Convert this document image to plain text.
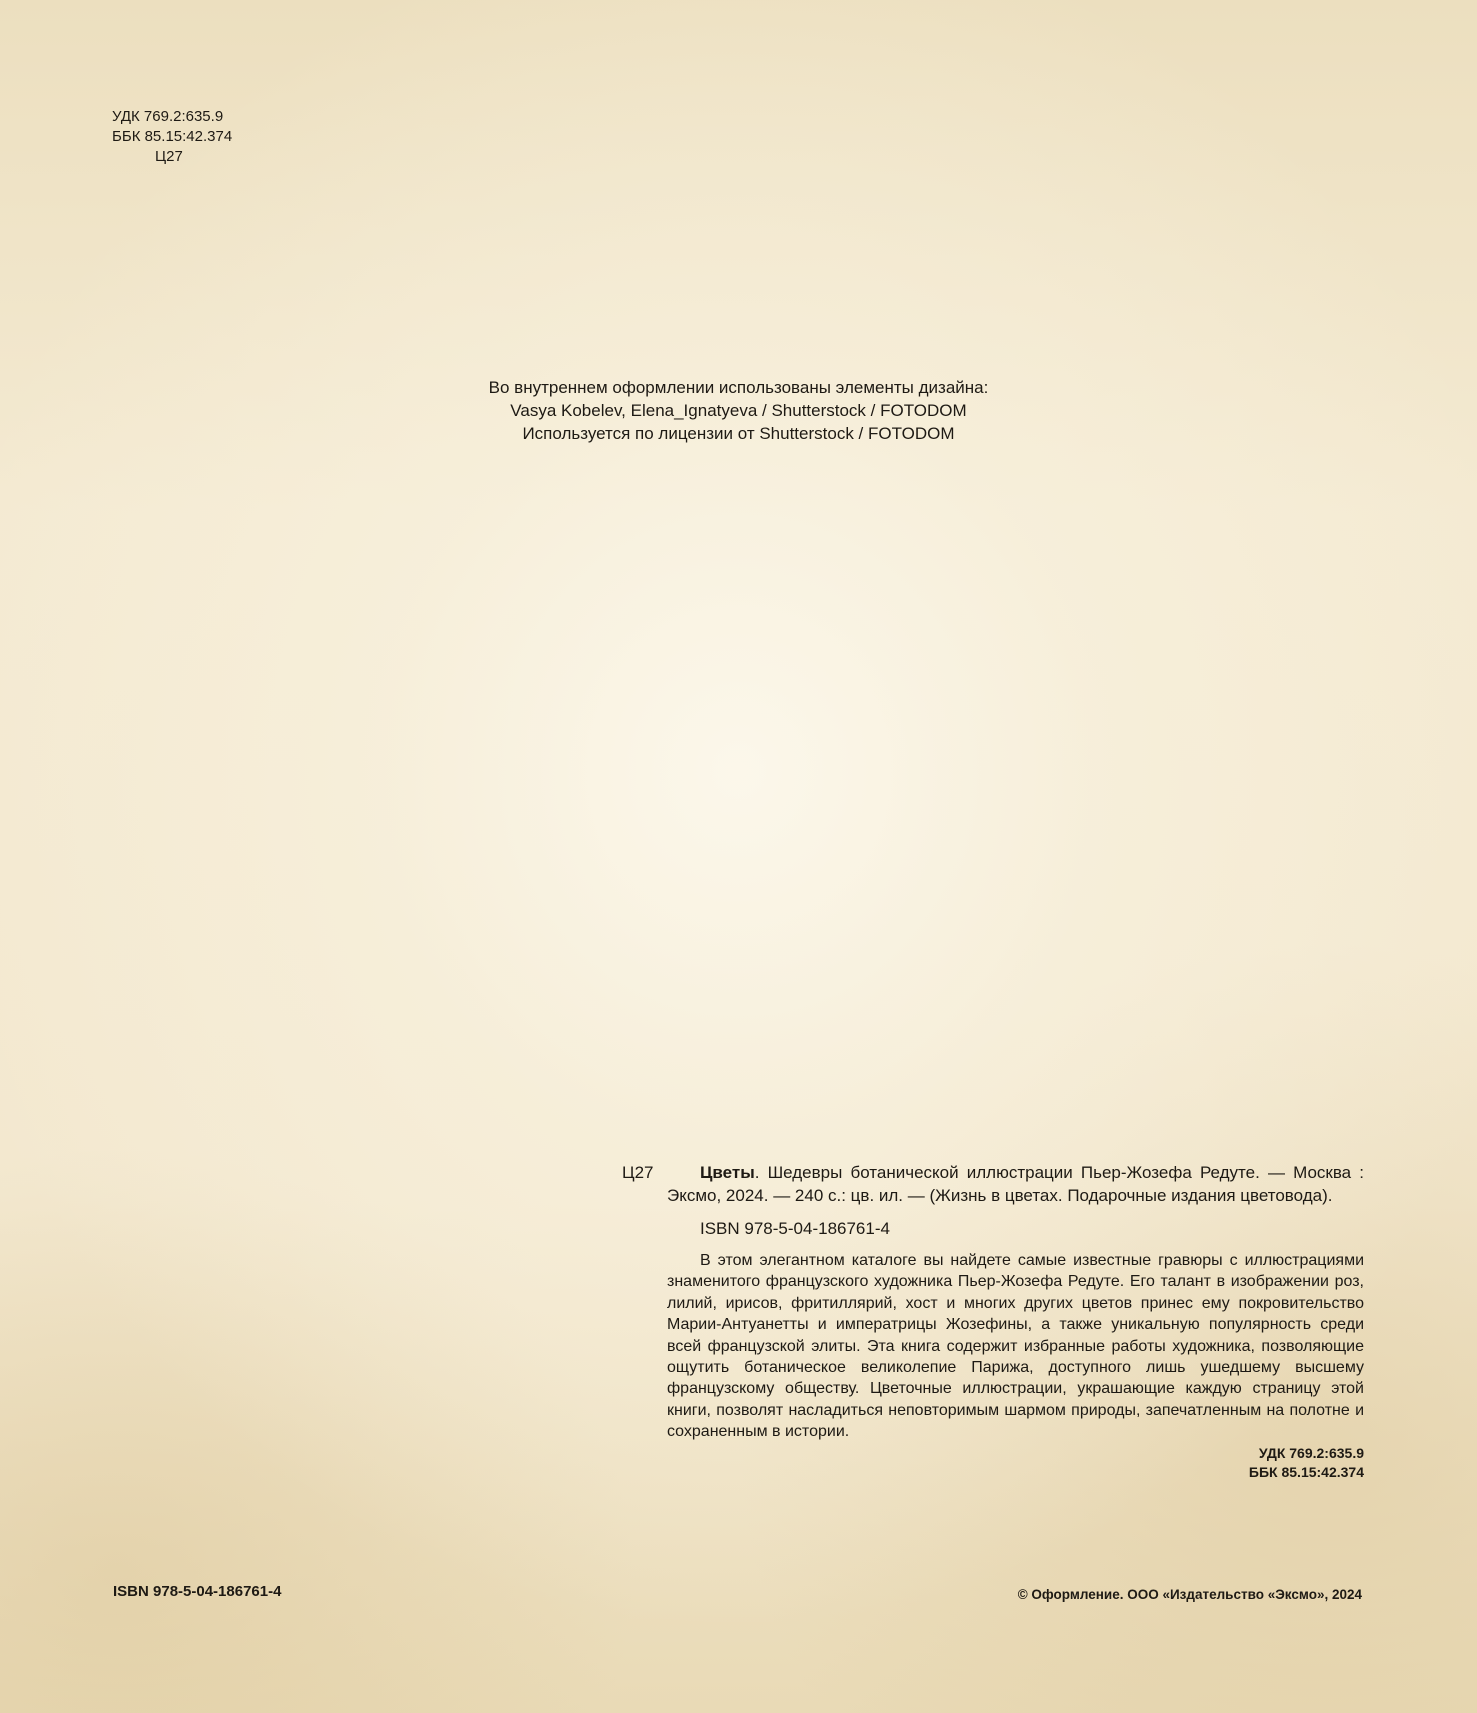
УДК 769.2:635.9
ББК 85.15:42.374
Ц27
Во внутреннем оформлении использованы элементы дизайна:
Vasya Kobelev, Elena_Ignatyeva / Shutterstock / FOTODOM
Используется по лицензии от Shutterstock / FOTODOM
Ц27	Цветы. Шедевры ботанической иллюстрации Пьер-Жозефа Редуте. — Москва : Эксмо, 2024. — 240 с.: цв. ил. — (Жизнь в цветах. Подарочные издания цветовода).
ISBN 978-5-04-186761-4
В этом элегантном каталоге вы найдете самые известные гравюры с иллюстрациями знаменитого французского художника Пьер-Жозефа Редуте. Его талант в изображении роз, лилий, ирисов, фритиллярий, хост и многих других цветов принес ему покровительство Марии-Антуанетты и императрицы Жозефины, а также уникальную популярность среди всей французской элиты. Эта книга содержит избранные работы художника, позволяющие ощутить ботаническое великолепие Парижа, доступного лишь ушедшему высшему французскому обществу. Цветочные иллюстрации, украшающие каждую страницу этой книги, позволят насладиться неповторимым шармом природы, запечатленным на полотне и сохраненным в истории.
УДК 769.2:635.9
ББК 85.15:42.374
ISBN 978-5-04-186761-4	© Оформление. ООО «Издательство «Эксмо», 2024
